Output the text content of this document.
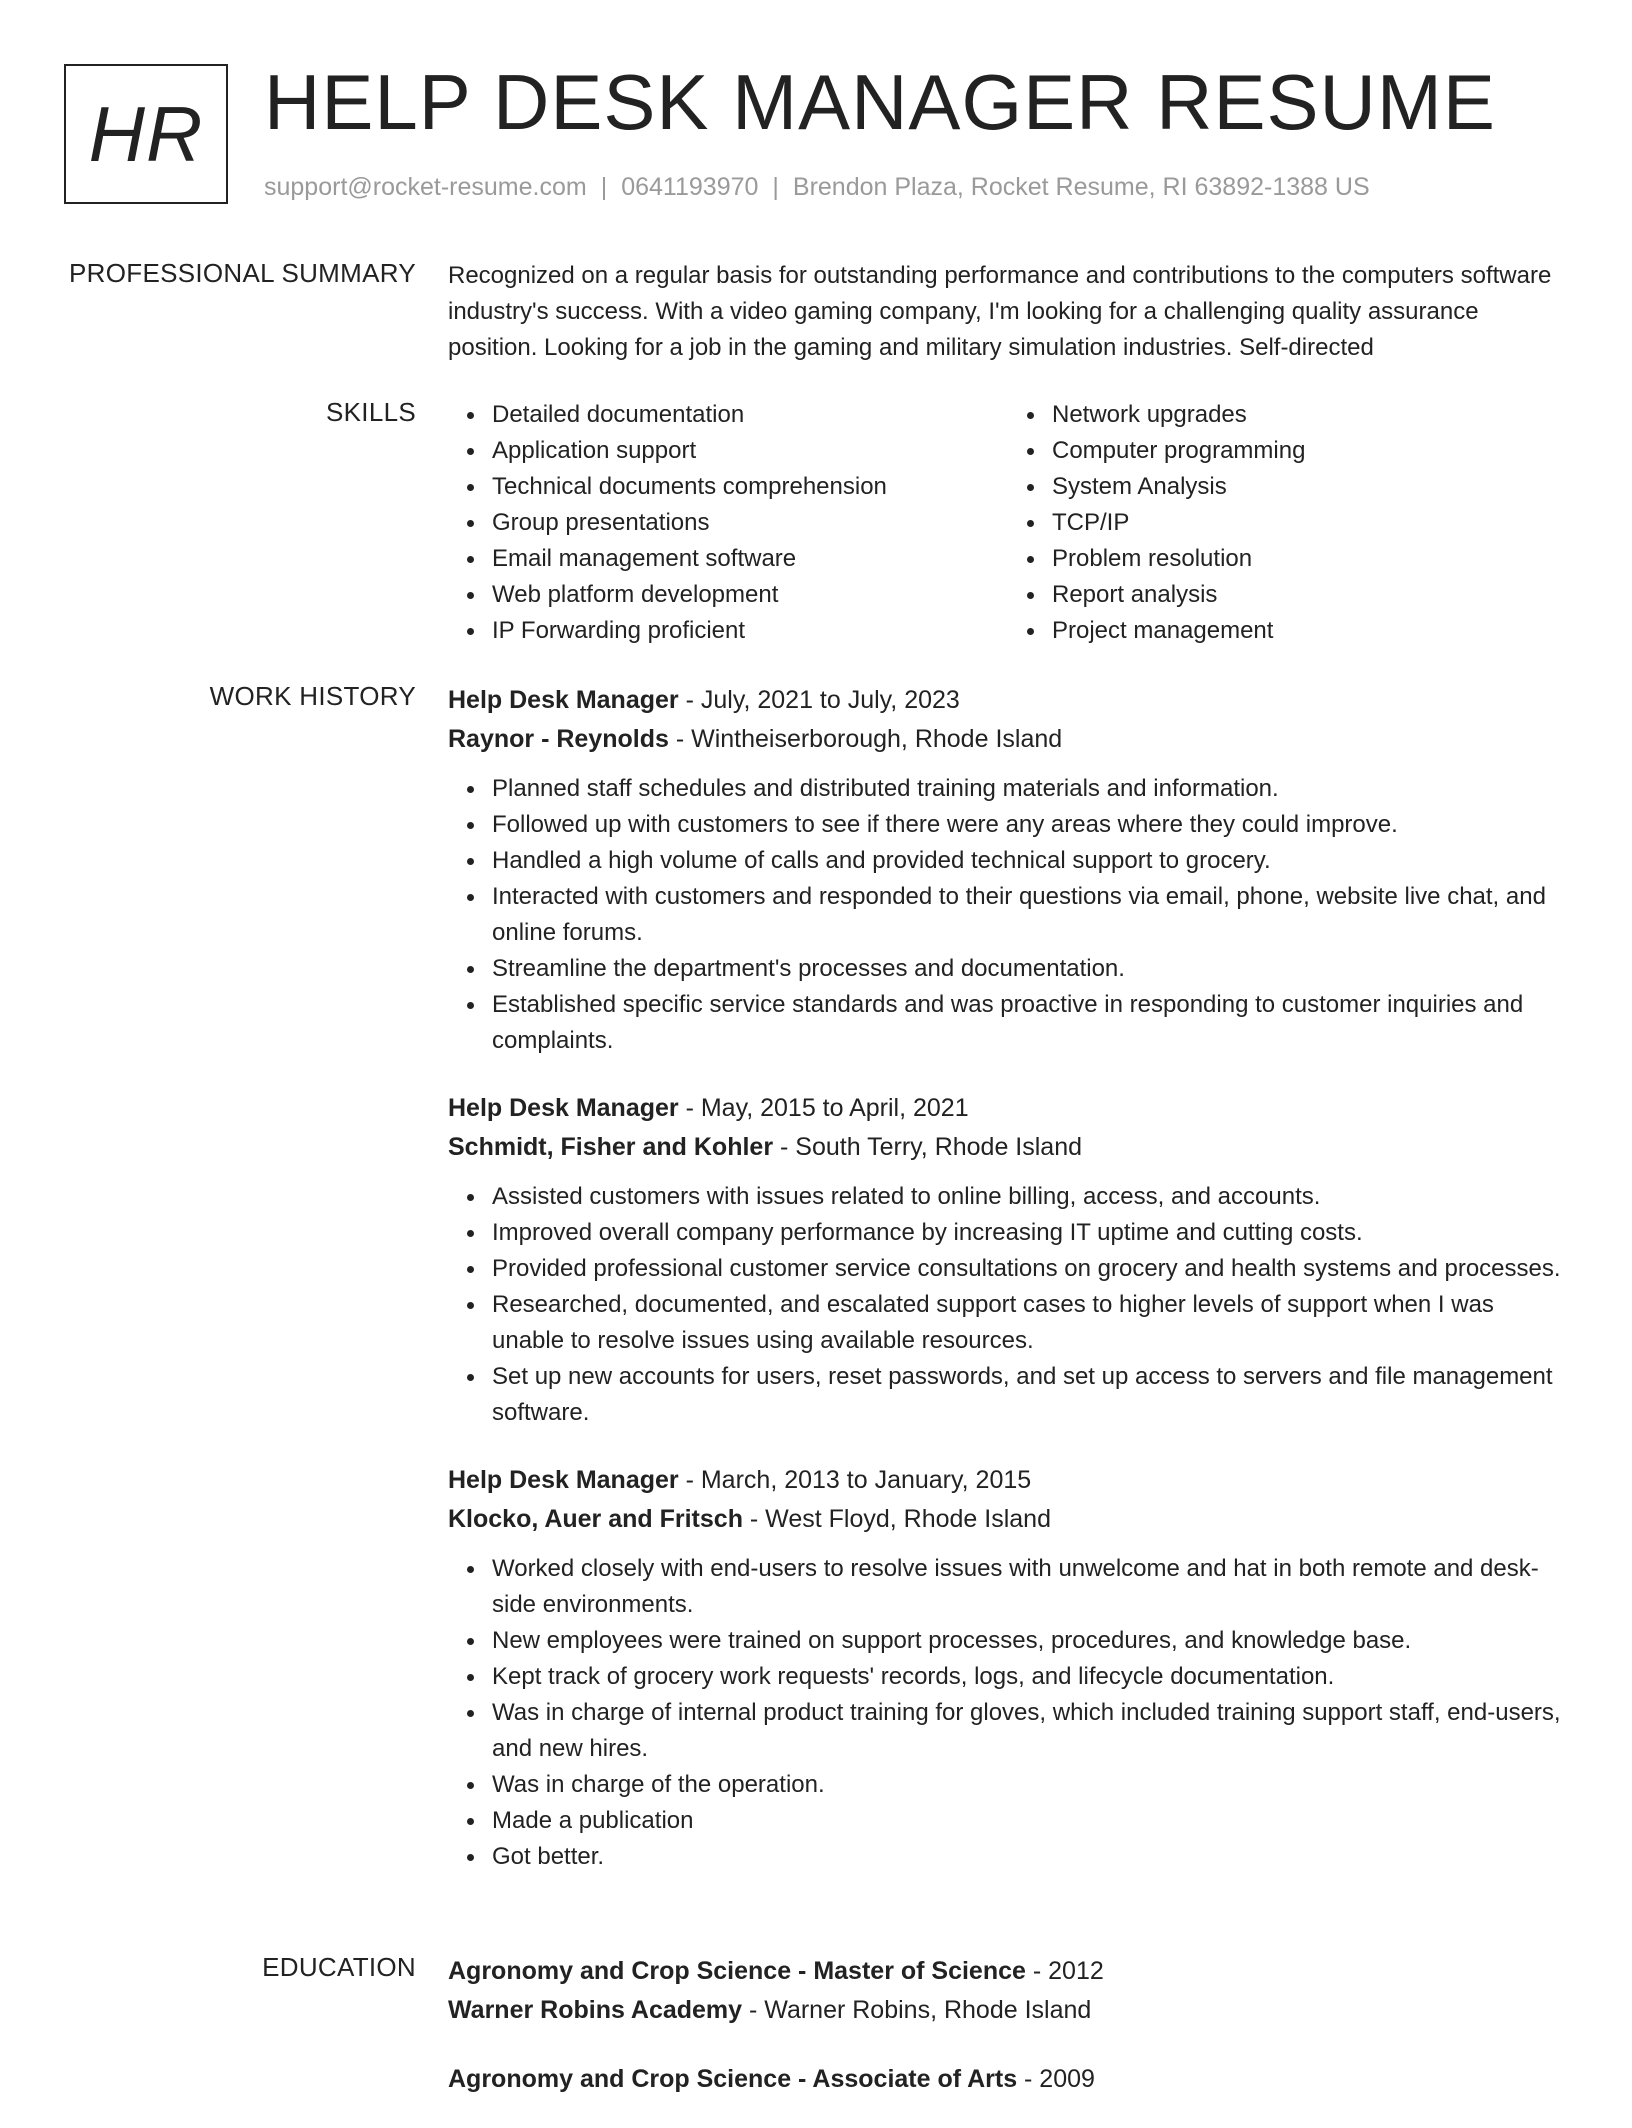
HR HELP DESK MANAGER RESUME
support@rocket-resume.com | 0641193970 | Brendon Plaza, Rocket Resume, RI 63892-1388 US
PROFESSIONAL SUMMARY Recognized on a regular basis for outstanding performance and contributions to the computers software industry's success. With a video gaming company, I'm looking for a challenging quality assurance position. Looking for a job in the gaming and military simulation industries. Self-directed
SKILLS	Detailed documentation
Application support
Technical documents comprehension
Group presentations
Email management software
Web platform development
IP Forwarding proficient
Network upgrades
Computer programming
System Analysis
TCP/IP
Problem resolution
Report analysis
Project management
WORK HISTORY Help Desk Manager - July, 2021 to July, 2023
Raynor - Reynolds - Wintheiserborough, Rhode Island
Planned staff schedules and distributed training materials and information.
Followed up with customers to see if there were any areas where they could improve.
Handled a high volume of calls and provided technical support to grocery.
Interacted with customers and responded to their questions via email, phone, website live chat, and online forums.
Streamline the department's processes and documentation.
Established specific service standards and was proactive in responding to customer inquiries and complaints.
Help Desk Manager - May, 2015 to April, 2021
Schmidt, Fisher and Kohler - South Terry, Rhode Island
Assisted customers with issues related to online billing, access, and accounts.
Improved overall company performance by increasing IT uptime and cutting costs.
Provided professional customer service consultations on grocery and health systems and processes.
Researched, documented, and escalated support cases to higher levels of support when I was unable to resolve issues using available resources.
Set up new accounts for users, reset passwords, and set up access to servers and file management software.
Help Desk Manager - March, 2013 to January, 2015
Klocko, Auer and Fritsch - West Floyd, Rhode Island
Worked closely with end-users to resolve issues with unwelcome and hat in both remote and desk-side environments.
New employees were trained on support processes, procedures, and knowledge base.
Kept track of grocery work requests' records, logs, and lifecycle documentation.
Was in charge of internal product training for gloves, which included training support staff, end-users, and new hires.
Was in charge of the operation.
Made a publication
Got better.
EDUCATION Agronomy and Crop Science - Master of Science - 2012
Warner Robins Academy - Warner Robins, Rhode Island
Agronomy and Crop Science - Associate of Arts - 2009
